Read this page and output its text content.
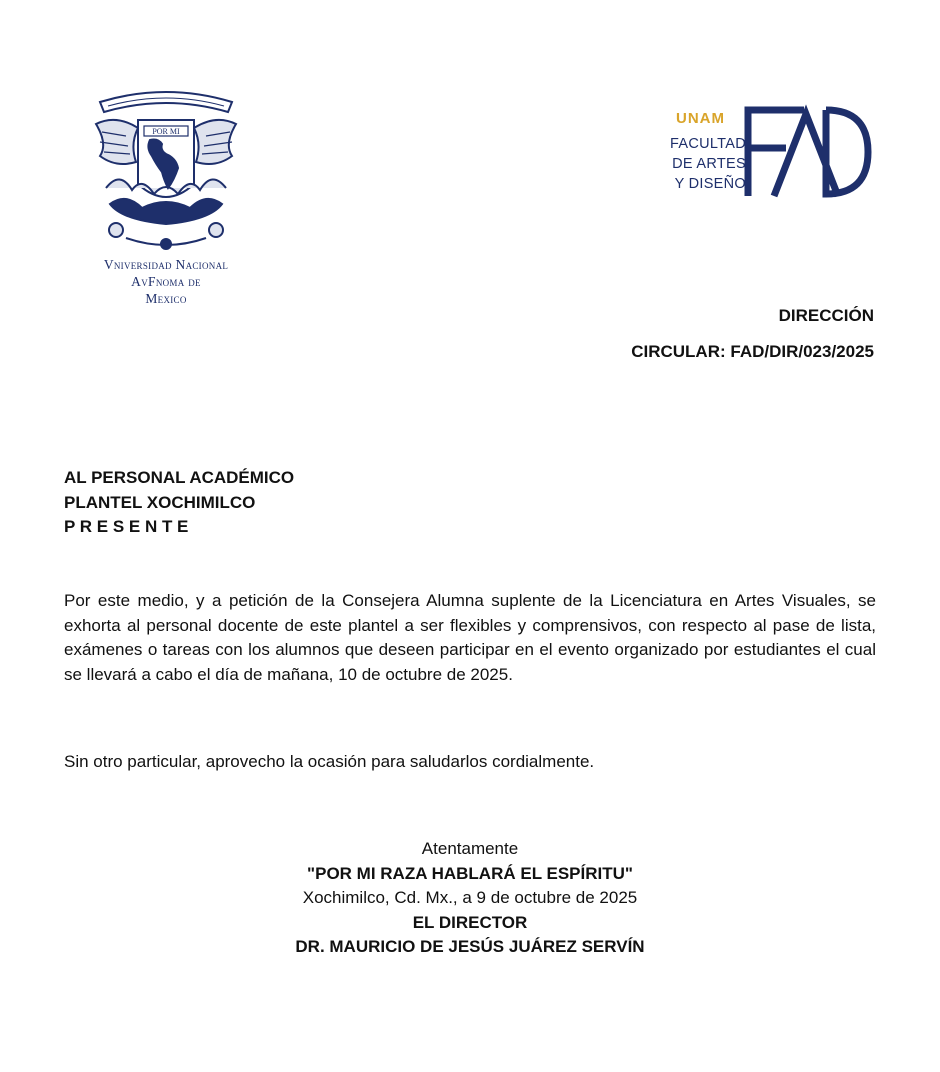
POR MI
Vniversidad Nacional
AvFnoma de
Mexico
UNAM
FACULTAD
DE ARTES
Y DISEÑO
DIRECCIÓN
CIRCULAR: FAD/DIR/023/2025
AL PERSONAL ACADÉMICO
PLANTEL XOCHIMILCO
P R E S E N T E
Por este medio, y a petición de la Consejera Alumna suplente de la Licenciatura en Artes Visuales, se exhorta al personal docente de este plantel a ser flexibles y comprensivos, con respecto al pase de lista, exámenes o tareas con los alumnos que deseen participar en el evento organizado por estudiantes el cual se llevará a cabo el día de mañana, 10 de octubre de 2025.
Sin otro particular, aprovecho la ocasión para saludarlos cordialmente.
Atentamente
"POR MI RAZA HABLARÁ EL ESPÍRITU"
Xochimilco, Cd. Mx., a 9 de octubre de 2025
EL DIRECTOR
DR. MAURICIO DE JESÚS JUÁREZ SERVÍN
